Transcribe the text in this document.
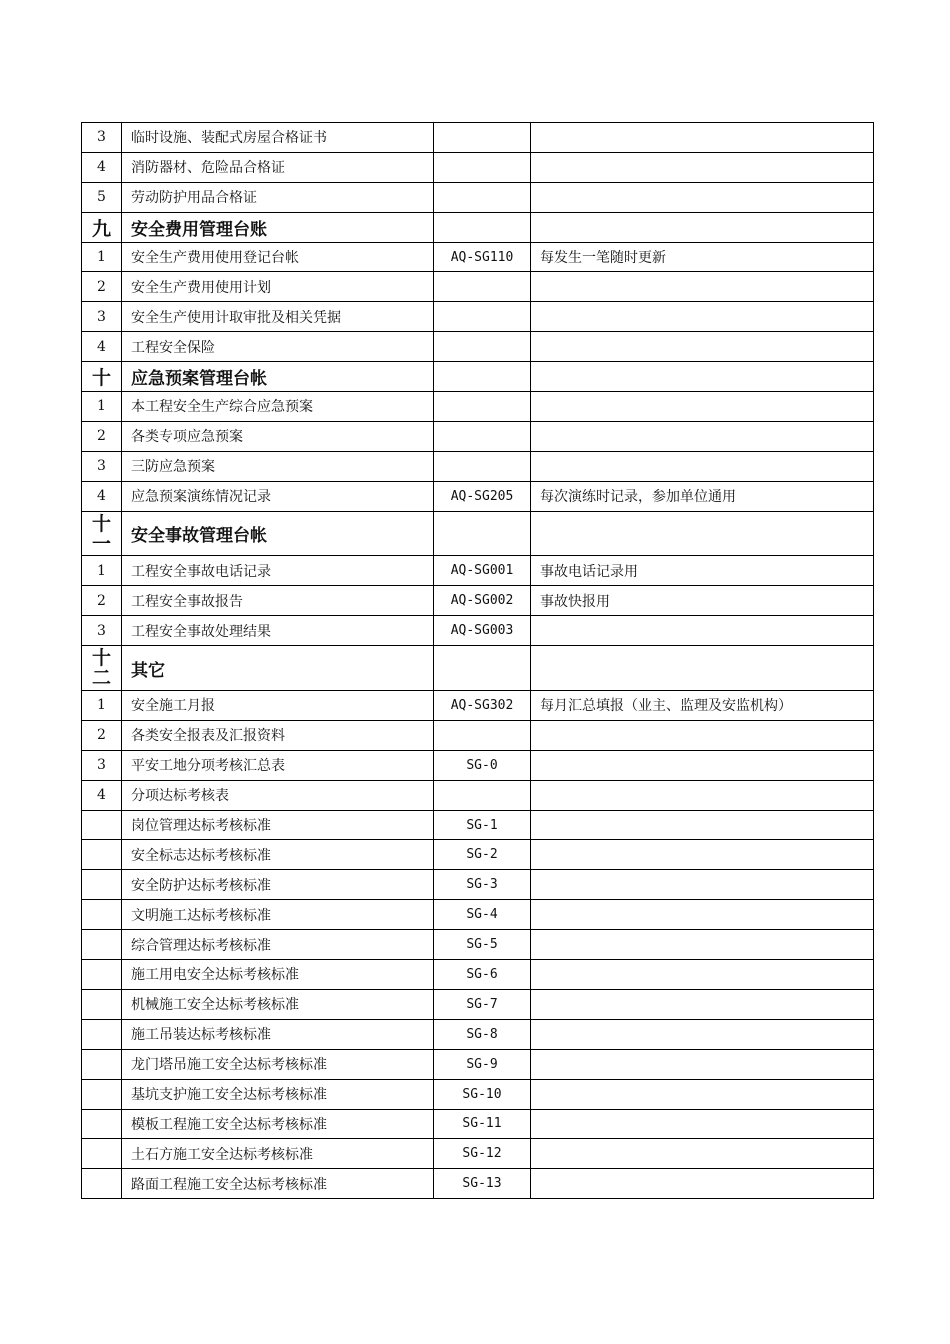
3	临时设施、装配式房屋合格证书		
4	消防器材、危险品合格证		
5	劳动防护用品合格证		
九	安全费用管理台账		
1	安全生产费用使用登记台帐	AQ-SG110	每发生一笔随时更新
2	安全生产费用使用计划		
3	安全生产使用计取审批及相关凭据		
4	工程安全保险		
十	应急预案管理台帐		
1	本工程安全生产综合应急预案		
2	各类专项应急预案		
3	三防应急预案		
4	应急预案演练情况记录	AQ-SG205	每次演练时记录，参加单位通用

十一	安全事故管理台帐		
1	工程安全事故电话记录	AQ-SG001	事故电话记录用
2	工程安全事故报告	AQ-SG002	事故快报用
3	工程安全事故处理结果	AQ-SG003	

十二	其它		
1	安全施工月报	AQ-SG302	每月汇总填报（业主、监理及安监机构）
2	各类安全报表及汇报资料		
3	平安工地分项考核汇总表	SG-0	
4	分项达标考核表		
	岗位管理达标考核标准	SG-1	
	安全标志达标考核标准	SG-2	
	安全防护达标考核标准	SG-3	
	文明施工达标考核标准	SG-4	
	综合管理达标考核标准	SG-5	
	施工用电安全达标考核标准	SG-6	
	机械施工安全达标考核标准	SG-7	
	施工吊装达标考核标准	SG-8	
	龙门塔吊施工安全达标考核标准	SG-9	
	基坑支护施工安全达标考核标准	SG-10	
	模板工程施工安全达标考核标准	SG-11	
	土石方施工安全达标考核标准	SG-12	
	路面工程施工安全达标考核标准	SG-13	
